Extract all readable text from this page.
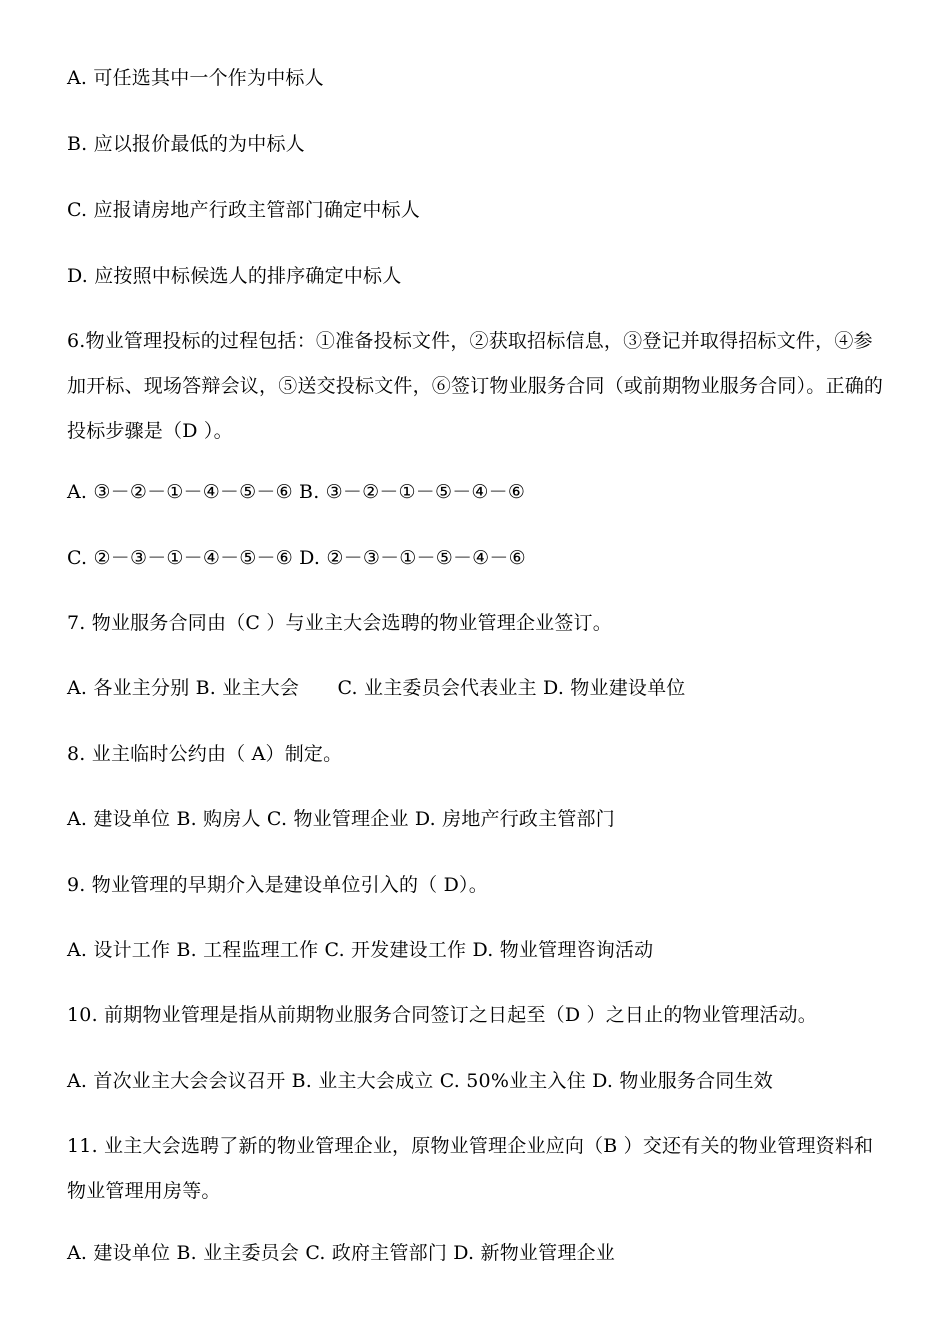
A. 可任选其中一个作为中标人
B. 应以报价最低的为中标人
C. 应报请房地产行政主管部门确定中标人
D. 应按照中标候选人的排序确定中标人
6.物业管理投标的过程包括：①准备投标文件，②获取招标信息，③登记并取得招标文件，④参加开标、现场答辩会议，⑤送交投标文件，⑥签订物业服务合同（或前期物业服务合同）。正确的投标步骤是（D ）。
A. ③－②－①－④－⑤－⑥ B. ③－②－①－⑤－④－⑥
C. ②－③－①－④－⑤－⑥ D. ②－③－①－⑤－④－⑥
7. 物业服务合同由（C ）与业主大会选聘的物业管理企业签订。
A. 各业主分别 B. 业主大会　　C. 业主委员会代表业主 D. 物业建设单位
8. 业主临时公约由（ A）制定。
A. 建设单位 B. 购房人 C. 物业管理企业 D. 房地产行政主管部门
9. 物业管理的早期介入是建设单位引入的（ D）。
A. 设计工作 B. 工程监理工作 C. 开发建设工作 D. 物业管理咨询活动
10. 前期物业管理是指从前期物业服务合同签订之日起至（D ）之日止的物业管理活动。
A. 首次业主大会会议召开 B. 业主大会成立 C. 50%业主入住 D. 物业服务合同生效
11. 业主大会选聘了新的物业管理企业，原物业管理企业应向（B ）交还有关的物业管理资料和物业管理用房等。
A. 建设单位 B. 业主委员会 C. 政府主管部门 D. 新物业管理企业
